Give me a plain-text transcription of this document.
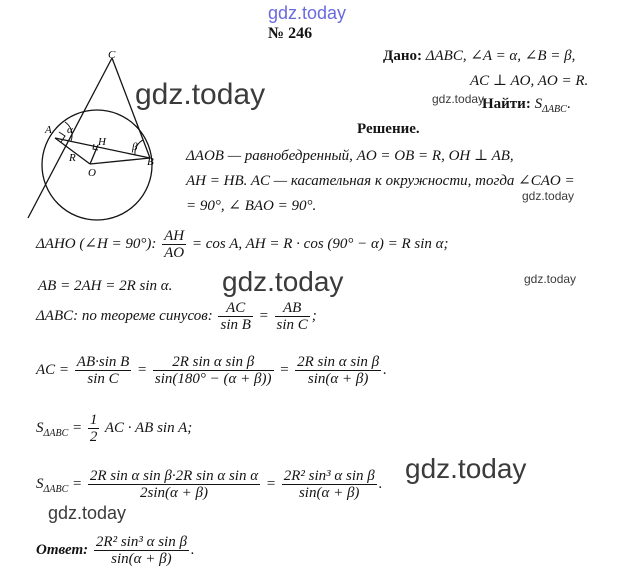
gdz.today
gdz.today	gdz.today
gdz.today
gdz.today	gdz.today
gdz.today
gdz.today
№ 246
Дано: ΔABC, ∠A = α, ∠B = β,
AC ⊥ AO, AO = R.
Найти: $S_{\Delta ABC}$.
C
A α
H
R
O
β
B
Решение.
ΔAOB — равнобедренный, AO = OB = R, OH ⊥ AB,
AH = HB. AC — касательная к окружности, тогда ∠CAO =
= 90°, ∠ BAO = 90°.
ΔAHO (∠H = 90°): $\frac{AH}{AO} = \cos A$, AH = R · cos (90° − α) = R sin α;
AB = 2AH = 2R sin α.
ΔABC: по теореме синусов: $\frac{AC}{\text{sin B}} = \frac{AB}{\text{sin C}}$ ;
AC = $\frac{\text{AB·sin B}}{\text{sin C}} = \frac{\text{2R sin α sin β}}{\sin(180^\circ - (\alpha + \beta))} = \frac{\text{2R sin α sin β}}{\sin(\alpha + \beta)}$ .
$S_{\Delta ABC} = \frac{1}{2}$ AC · AB sin A;
$S_{\Delta ABC} = \frac{\text{2R sin α sin β·2R sin α sin α}}{2\sin(\alpha + \beta)} = \frac{\text{2R² sin³ α sin β}}{\sin(\alpha + \beta)}$ .
Ответ: $\frac{\text{2R² sin³ α sin β}}{\sin(\alpha + \beta)}$ .
